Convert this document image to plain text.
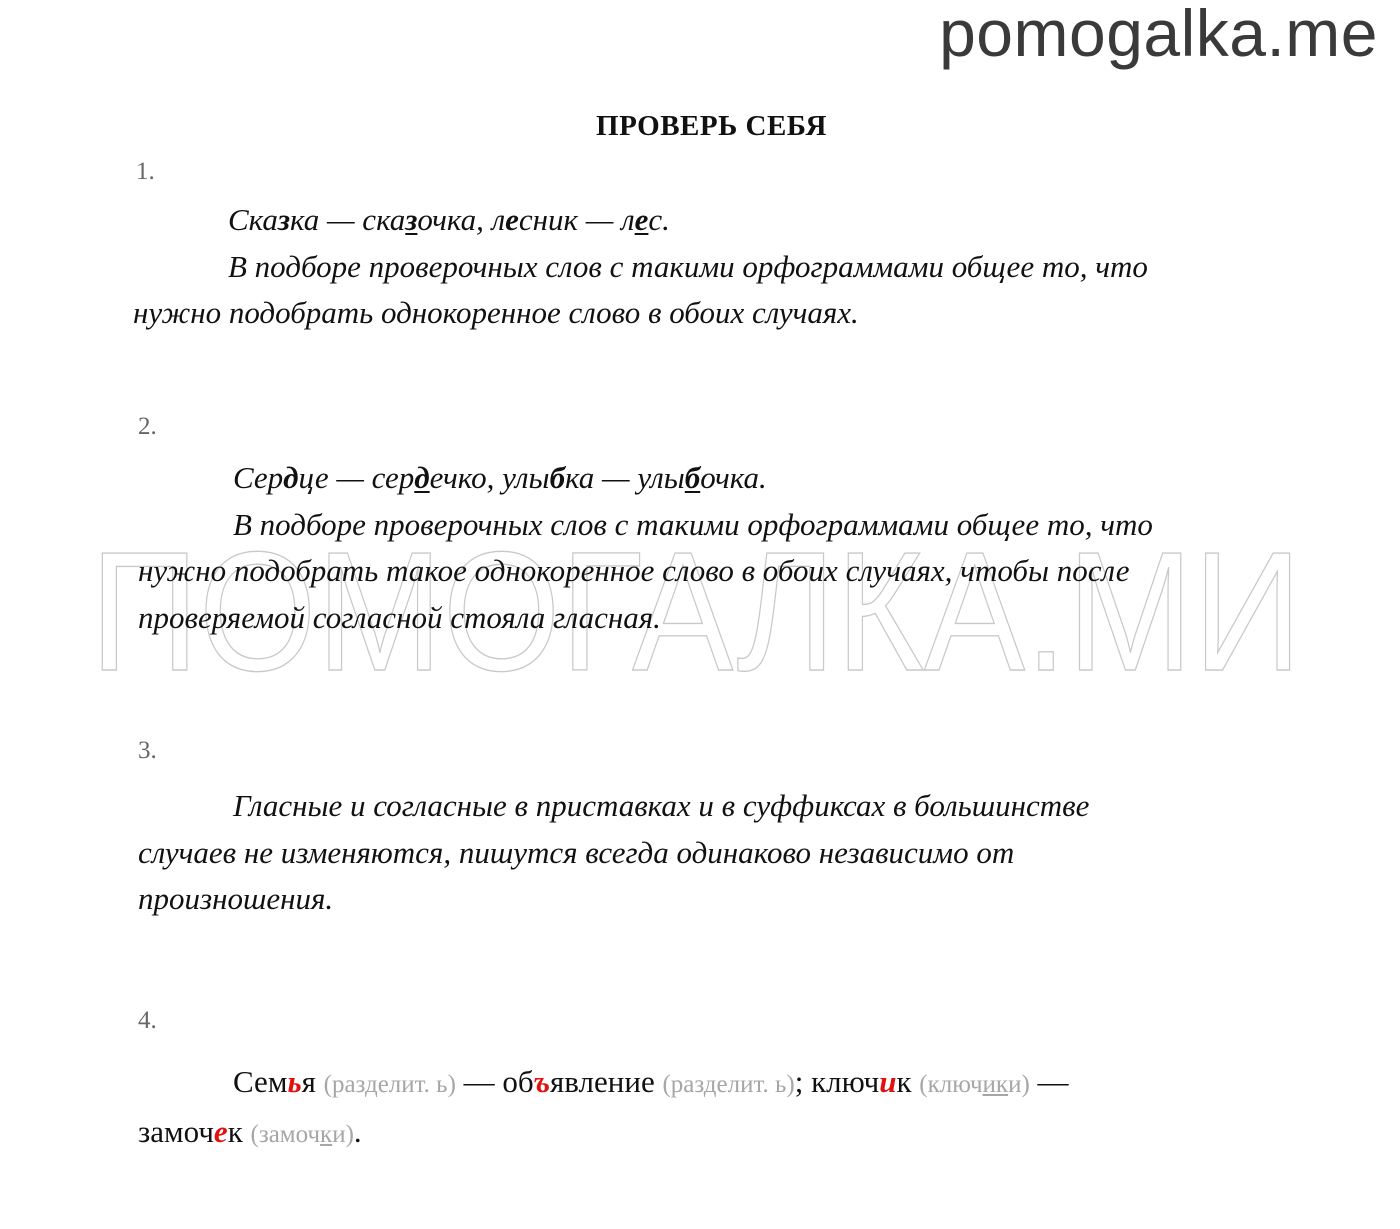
pomogalka.me
ПОМОГАЛКА.МИ
ПРОВЕРЬ СЕБЯ
1.

Сказка — сказочка, лесник — лес.
В подборе проверочных слов с такими орфограммами общее то, что
нужно подобрать однокоренное слово в обоих случаях.

2.

Сердце — сердечко, улыбка — улыбочка.
В подборе проверочных слов с такими орфограммами общее то, что
нужно подобрать такое однокоренное слово в обоих случаях, чтобы после
проверяемой согласной стояла гласная.

3.

Гласные и согласные в приставках и в суффиксах в большинстве
случаев не изменяются, пишутся всегда одинаково независимо от
произношения.

4.

Семья (разделит. ь) — объявление (разделит. ь); ключик (ключики) —
замочек (замочки).
